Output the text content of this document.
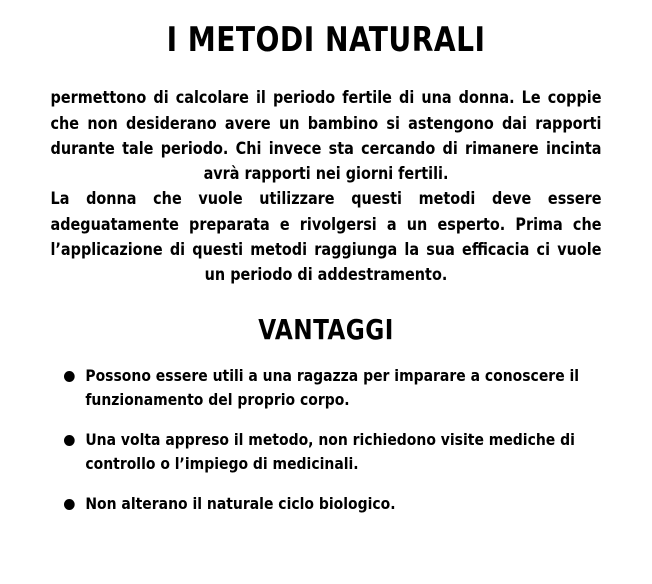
I METODI NATURALI

permettono di calcolare il periodo fertile di una donna. Le coppie che non desiderano avere un bambino si astengono dai rapporti durante tale periodo. Chi invece sta cercando di rimanere incinta avrà rapporti nei giorni fertili.

La donna che vuole utilizzare questi metodi deve essere adeguatamente preparata e rivolgersi a un esperto. Prima che l’applicazione di questi metodi raggiunga la sua efficacia ci vuole un periodo di addestramento.

VANTAGGI
Possono essere utili a una ragazza per imparare a conoscere il funzionamento del proprio corpo.
Una volta appreso il metodo, non richiedono visite mediche di controllo o l’impiego di medicinali.
Non alterano il naturale ciclo biologico.
